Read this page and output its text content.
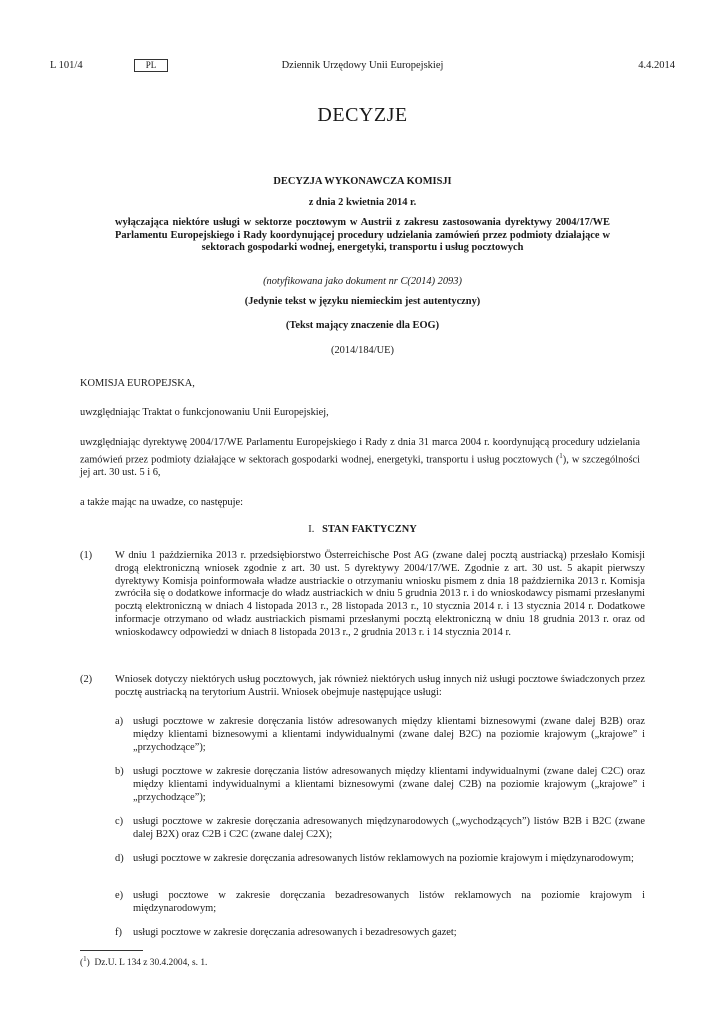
L 101/4	PL	Dziennik Urzędowy Unii Europejskiej	4.4.2014
DECYZJE
DECYZJA WYKONAWCZA KOMISJI
z dnia 2 kwietnia 2014 r.
wyłączająca niektóre usługi w sektorze pocztowym w Austrii z zakresu zastosowania dyrektywy 2004/17/WE Parlamentu Europejskiego i Rady koordynującej procedury udzielania zamówień przez podmioty działające w sektorach gospodarki wodnej, energetyki, transportu i usług pocztowych
(notyfikowana jako dokument nr C(2014) 2093)
(Jedynie tekst w języku niemieckim jest autentyczny)
(Tekst mający znaczenie dla EOG)
(2014/184/UE)
KOMISJA EUROPEJSKA,
uwzględniając Traktat o funkcjonowaniu Unii Europejskiej,
uwzględniając dyrektywę 2004/17/WE Parlamentu Europejskiego i Rady z dnia 31 marca 2004 r. koordynującą procedury udzielania zamówień przez podmioty działające w sektorach gospodarki wodnej, energetyki, transportu i usług pocztowych ($^1$), w szczególności jej art. 30 ust. 5 i 6,
a także mając na uwadze, co następuje:
I. STAN FAKTYCZNY
(1) W dniu 1 października 2013 r. przedsiębiorstwo Österreichische Post AG (zwane dalej pocztą austriacką) przesłało Komisji drogą elektroniczną wniosek zgodnie z art. 30 ust. 5 dyrektywy 2004/17/WE. Zgodnie z art. 30 ust. 5 akapit pierwszy dyrektywy Komisja poinformowała władze austriackie o otrzymaniu wniosku pismem z dnia 18 października 2013 r. Komisja zwróciła się o dodatkowe informacje do władz austriackich w dniu 5 grudnia 2013 r. i do wnioskodawcy pismami przesłanymi pocztą elektroniczną w dniach 4 listopada 2013 r., 28 listopada 2013 r., 10 stycznia 2014 r. i 13 stycznia 2014 r. Dodatkowe informacje otrzymano od władz austriackich pismami przesłanymi pocztą elektroniczną w dniu 18 grudnia 2013 r. oraz od wnioskodawcy odpowiedzi w dniach 8 listopada 2013 r., 2 grudnia 2013 r. i 14 stycznia 2014 r.
(2) Wniosek dotyczy niektórych usług pocztowych, jak również niektórych usług innych niż usługi pocztowe świadczonych przez pocztę austriacką na terytorium Austrii. Wniosek obejmuje następujące usługi:
a) usługi pocztowe w zakresie doręczania listów adresowanych między klientami biznesowymi (zwane dalej B2B) oraz między klientami biznesowymi a klientami indywidualnymi (zwane dalej B2C) na poziomie krajowym („krajowe” i „przychodzące”);
b) usługi pocztowe w zakresie doręczania listów adresowanych między klientami indywidualnymi (zwane dalej C2C) oraz między klientami indywidualnymi a klientami biznesowymi (zwane dalej C2B) na poziomie krajowym („krajowe” i „przychodzące”);
c) usługi pocztowe w zakresie doręczania adresowanych międzynarodowych („wychodzących”) listów B2B i B2C (zwane dalej B2X) oraz C2B i C2C (zwane dalej C2X);
d) usługi pocztowe w zakresie doręczania adresowanych listów reklamowych na poziomie krajowym i międzynarodowym;
e) usługi pocztowe w zakresie doręczania bezadresowanych listów reklamowych na poziomie krajowym i międzynarodowym;
f) usługi pocztowe w zakresie doręczania adresowanych i bezadresowych gazet;
($^1$)  Dz.U. L 134 z 30.4.2004, s. 1.
